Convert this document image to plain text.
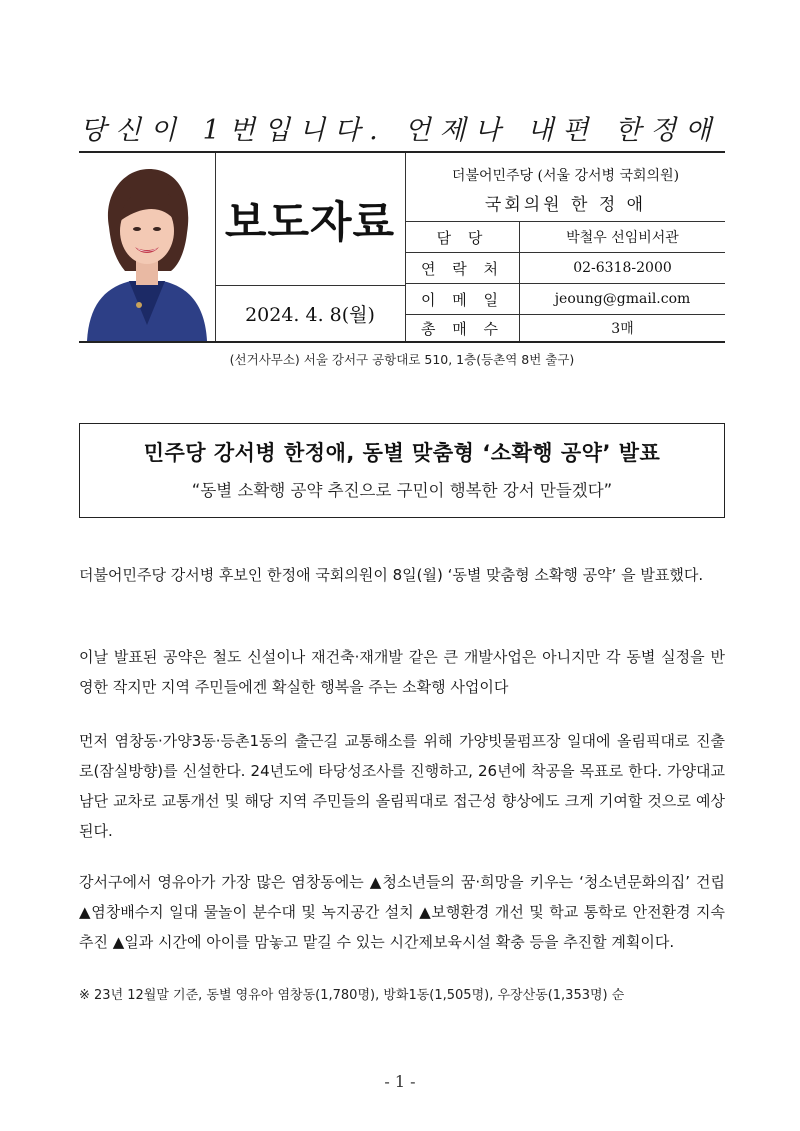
당신이 1번입니다. 언제나 내편 한정애
보도자료
2024. 4. 8(월)
더불어민주당 (서울 강서병 국회의원)
국회의원 한 정 애
담 당	박철우 선임비서관
연 락 처	02-6318-2000
이 메 일	jeoung@gmail.com
총 매 수	3매
(선거사무소) 서울 강서구 공항대로 510, 1층(등촌역 8번 출구)
민주당 강서병 한정애, 동별 맞춤형 ‘소확행 공약’ 발표
“동별 소확행 공약 추진으로 구민이 행복한 강서 만들겠다”
더불어민주당 강서병 후보인 한정애 국회의원이 8일(월) ‘동별 맞춤형 소확행 공약’ 을 발표했다.
이날 발표된 공약은 철도 신설이나 재건축·재개발 같은 큰 개발사업은 아니지만 각 동별 실정을 반영한 작지만 지역 주민들에겐 확실한 행복을 주는 소확행 사업이다
먼저 염창동·가양3동·등촌1동의 출근길 교통해소를 위해 가양빗물펌프장 일대에 올림픽대로 진출로(잠실방향)를 신설한다. 24년도에 타당성조사를 진행하고, 26년에 착공을 목표로 한다. 가양대교남단 교차로 교통개선 및 해당 지역 주민들의 올림픽대로 접근성 향상에도 크게 기여할 것으로 예상된다.
강서구에서 영유아가 가장 많은 염창동에는 ▲청소년들의 꿈·희망을 키우는 ‘청소년문화의집’ 건립 ▲염창배수지 일대 물놀이 분수대 및 녹지공간 설치 ▲보행환경 개선 및 학교 통학로 안전환경 지속 추진 ▲일과 시간에 아이를 맘놓고 맡길 수 있는 시간제보육시설 확충 등을 추진할 계획이다.
※ 23년 12월말 기준, 동별 영유아 염창동(1,780명), 방화1동(1,505명), 우장산동(1,353명) 순
- 1 -
